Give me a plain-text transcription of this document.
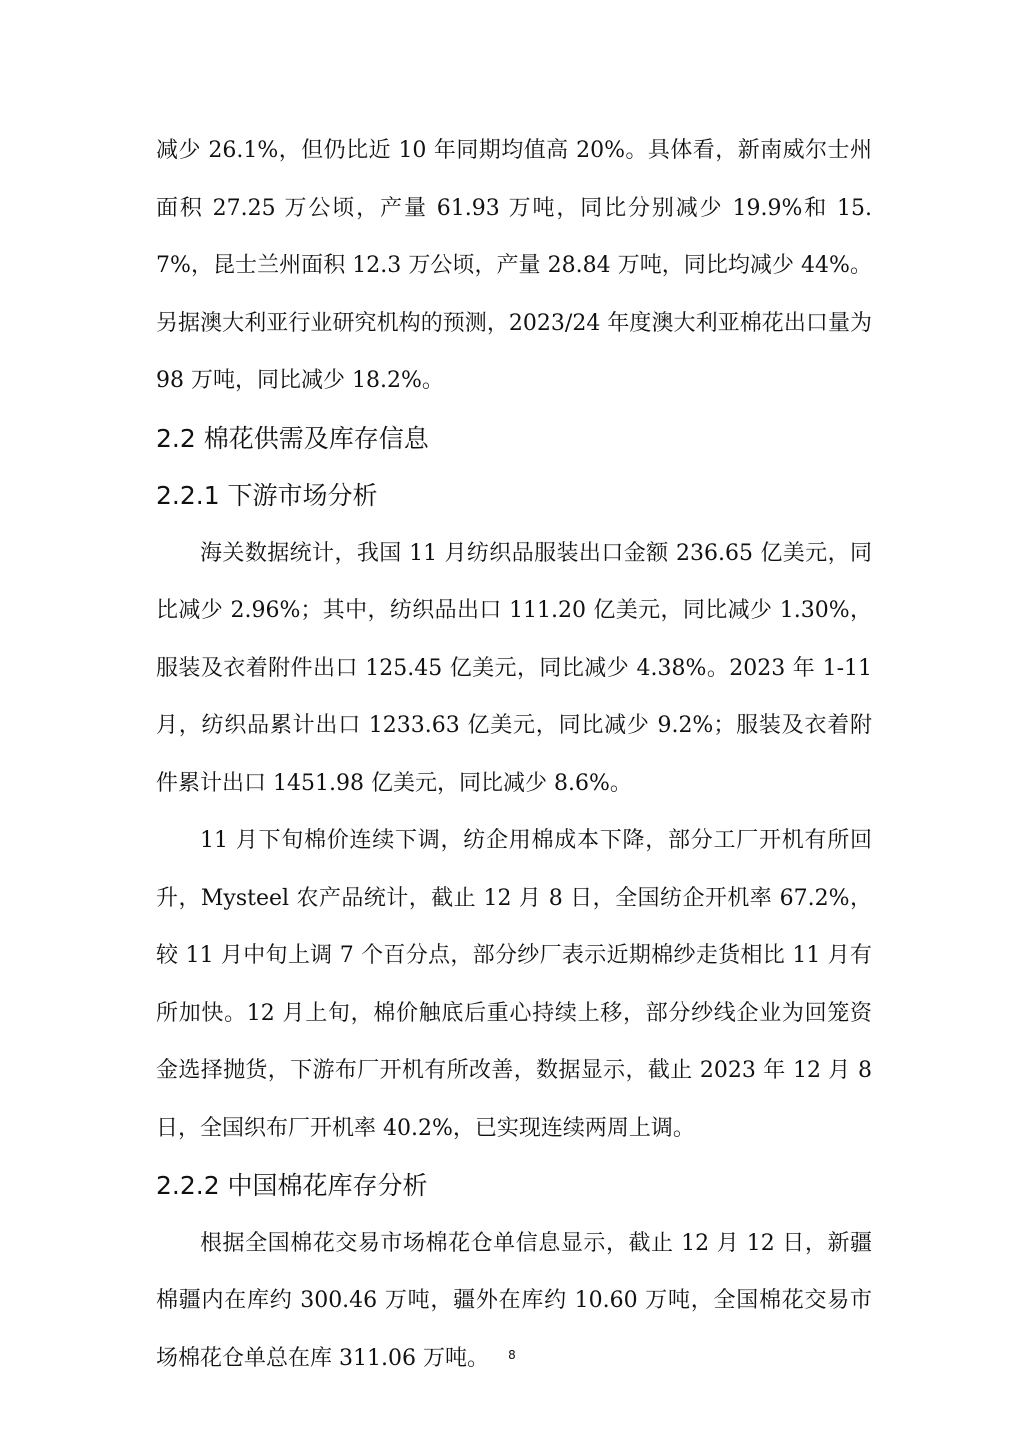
减少 26.1%，但仍比近 10 年同期均值高 20%。具体看，新南威尔士州面积 27.25 万公顷，产量 61.93 万吨，同比分别减少 19.9%和 15.7%，昆士兰州面积 12.3 万公顷，产量 28.84 万吨，同比均减少 44%。另据澳大利亚行业研究机构的预测，2023/24 年度澳大利亚棉花出口量为 98 万吨，同比减少 18.2%。

2.2 棉花供需及库存信息
2.2.1 下游市场分析

海关数据统计，我国 11 月纺织品服装出口金额 236.65 亿美元，同比减少 2.96%；其中，纺织品出口 111.20 亿美元，同比减少 1.30%，服装及衣着附件出口 125.45 亿美元，同比减少 4.38%。2023 年 1-11 月，纺织品累计出口 1233.63 亿美元，同比减少 9.2%；服装及衣着附件累计出口 1451.98 亿美元，同比减少 8.6%。

11 月下旬棉价连续下调，纺企用棉成本下降，部分工厂开机有所回升，Mysteel 农产品统计，截止 12 月 8 日，全国纺企开机率 67.2%，较 11 月中旬上调 7 个百分点，部分纱厂表示近期棉纱走货相比 11 月有所加快。12 月上旬，棉价触底后重心持续上移，部分纱线企业为回笼资金选择抛货，下游布厂开机有所改善，数据显示，截止 2023 年 12 月 8 日，全国织布厂开机率 40.2%，已实现连续两周上调。

2.2.2 中国棉花库存分析

根据全国棉花交易市场棉花仓单信息显示，截止 12 月 12 日，新疆棉疆内在库约 300.46 万吨，疆外在库约 10.60 万吨，全国棉花交易市场棉花仓单总在库 311.06 万吨。	8
